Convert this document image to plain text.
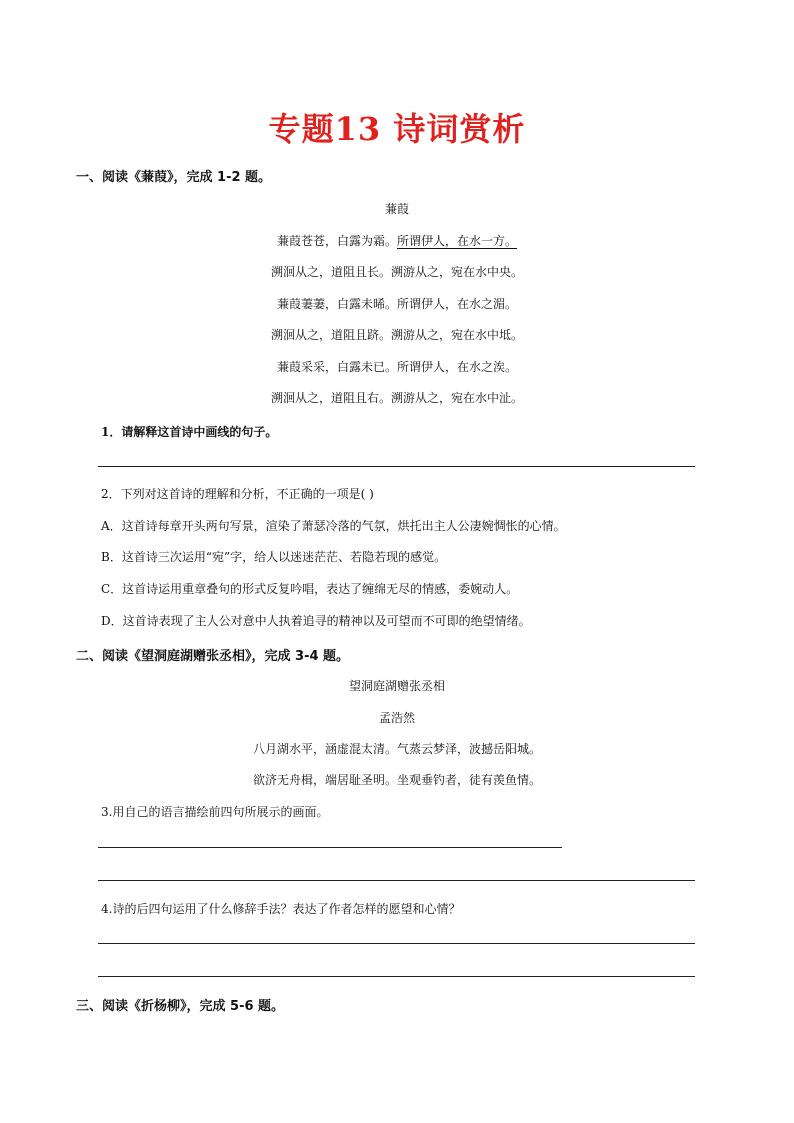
专题13 诗词赏析
一、阅读《蒹葭》，完成 1-2 题。
蒹葭
蒹葭苍苍，白露为霜。所谓伊人，在水一方。
溯洄从之，道阻且长。溯游从之，宛在水中央。
蒹葭萋萋，白露未晞。所谓伊人，在水之湄。
溯洄从之，道阻且跻。溯游从之，宛在水中坻。
蒹葭采采，白露未已。所谓伊人，在水之涘。
溯洄从之，道阻且右。溯游从之，宛在水中沚。
1．请解释这首诗中画线的句子。
2．下列对这首诗的理解和分析，不正确的一项是( )
A．这首诗每章开头两句写景，渲染了萧瑟冷落的气氛，烘托出主人公凄婉惆怅的心情。
B．这首诗三次运用“宛”字，给人以迷迷茫茫、若隐若现的感觉。
C．这首诗运用重章叠句的形式反复吟唱，表达了缠绵无尽的情感，委婉动人。
D．这首诗表现了主人公对意中人执着追寻的精神以及可望而不可即的绝望情绪。
二、阅读《望洞庭湖赠张丞相》，完成 3-4 题。
望洞庭湖赠张丞相
孟浩然
八月湖水平，涵虚混太清。气蒸云梦泽，波撼岳阳城。
欲济无舟楫，端居耻圣明。坐观垂钓者，徒有羡鱼情。
3.用自己的语言描绘前四句所展示的画面。
4.诗的后四句运用了什么修辞手法？表达了作者怎样的愿望和心情？
三、阅读《折杨柳》，完成 5-6 题。
